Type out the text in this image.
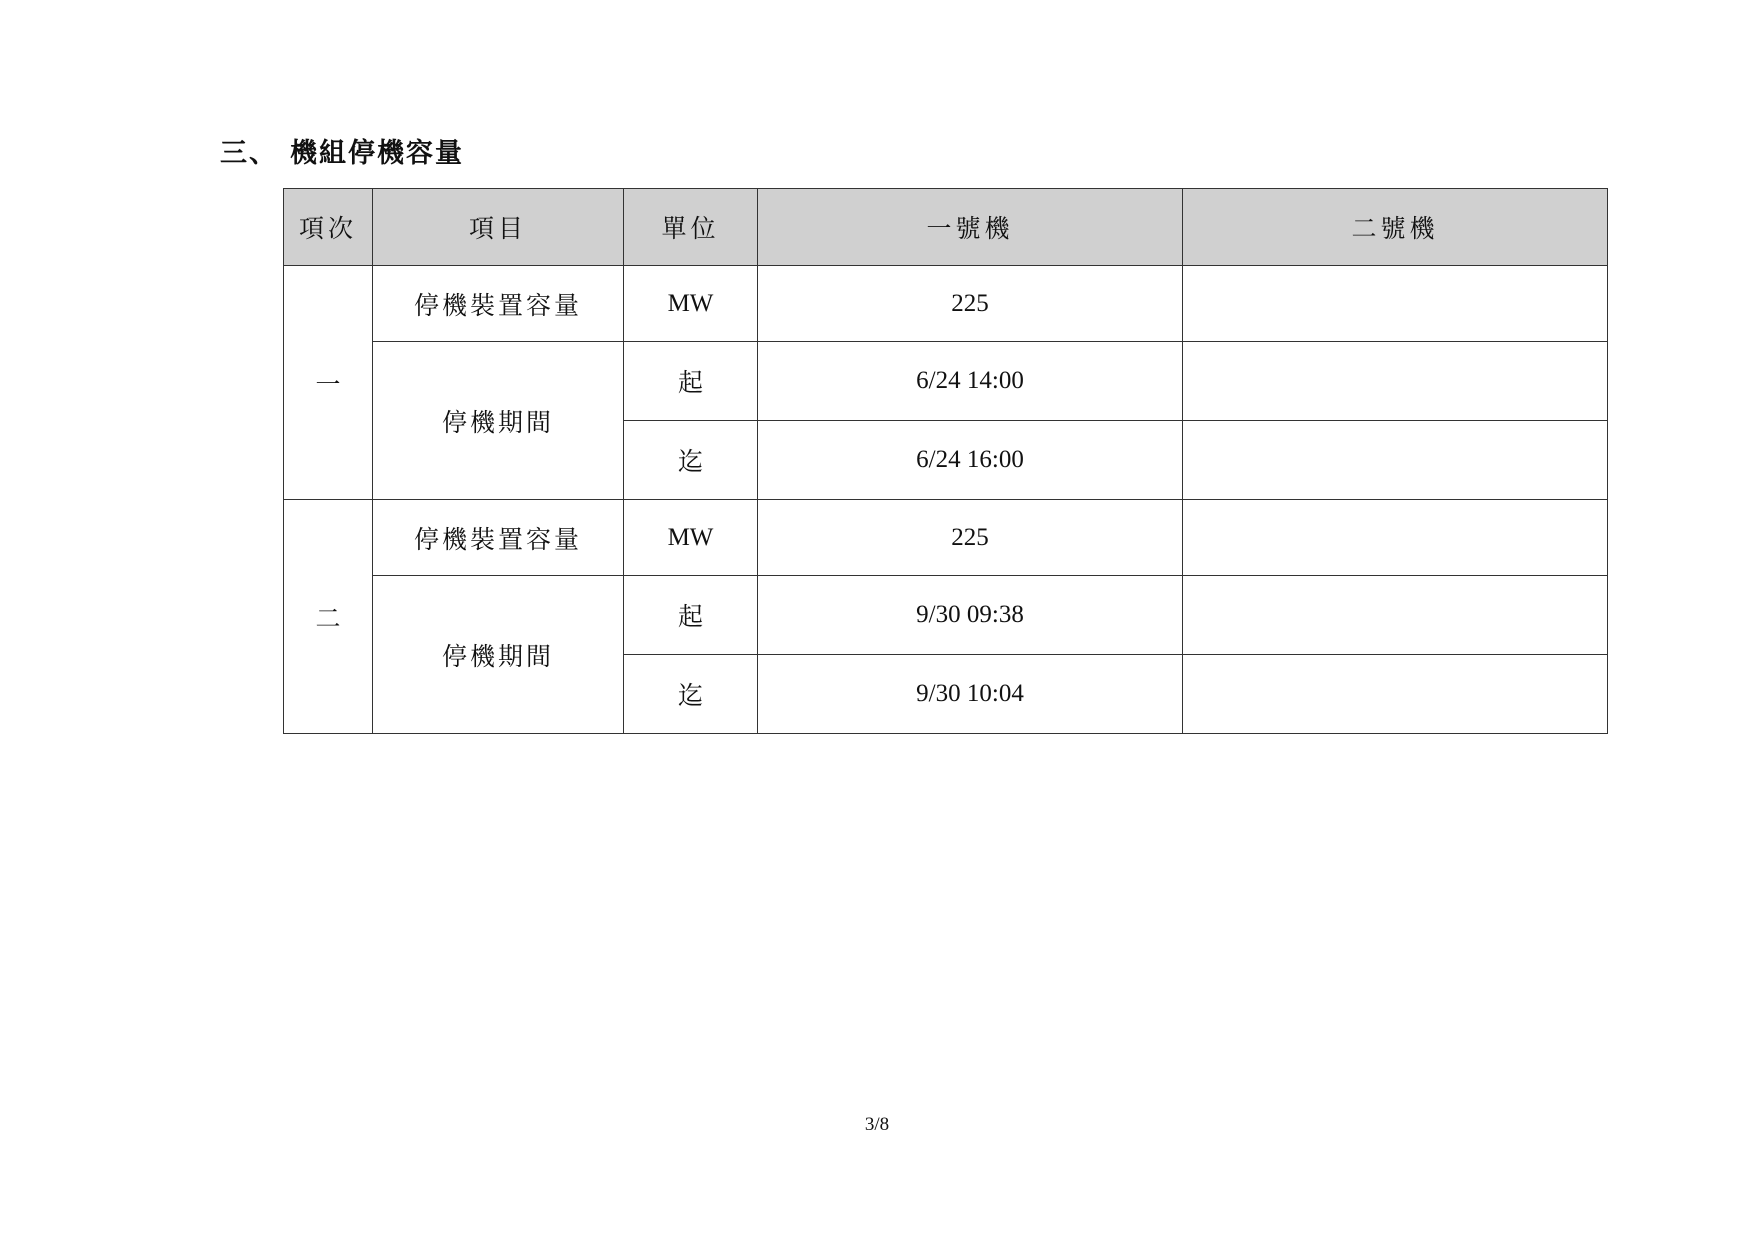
三、 機組停機容量
項次	項目	單位	一號機	二號機
一	停機裝置容量	MW	225	
	停機期間	起	6/24 14:00	
		迄	6/24 16:00	
二	停機裝置容量	MW	225	
	停機期間	起	9/30 09:38	
		迄	9/30 10:04	
3/8
